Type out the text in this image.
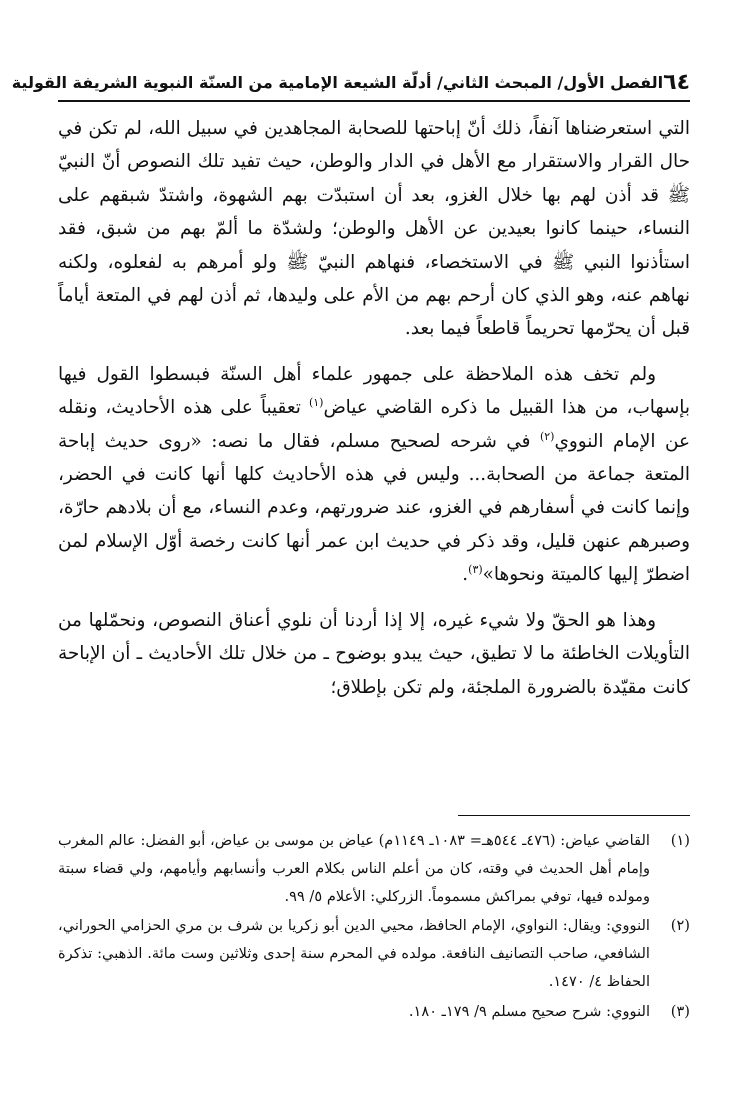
٦٤
الفصل الأول/ المبحث الثاني/ أدلّة الشيعة الإمامية من السنّة النبوية الشريفة القولية

التي استعرضناها آنفاً، ذلك أنّ إباحتها للصحابة المجاهدين في سبيل الله، لم تكن في حال القرار والاستقرار مع الأهل في الدار والوطن، حيث تفيد تلك النصوص أنّ النبيّ ﷺ قد أذن لهم بها خلال الغزو، بعد أن استبدّت بهم الشهوة، واشتدّ شبقهم على النساء، حينما كانوا بعيدين عن الأهل والوطن؛ ولشدّة ما ألمّ بهم من شبق، فقد استأذنوا النبي ﷺ في الاستخصاء، فنهاهم النبيّ ﷺ ولو أمرهم به لفعلوه، ولكنه نهاهم عنه، وهو الذي كان أرحم بهم من الأم على وليدها، ثم أذن لهم في المتعة أياماً قبل أن يحرّمها تحريماً قاطعاً فيما بعد.

ولم تخف هذه الملاحظة على جمهور علماء أهل السنّة فبسطوا القول فيها بإسهاب، من هذا القبيل ما ذكره القاضي عياض$^{(١)}$ تعقيباً على هذه الأحاديث، ونقله عن الإمام النووي$^{(٢)}$ في شرحه لصحيح مسلم، فقال ما نصه: «روى حديث إباحة المتعة جماعة من الصحابة... وليس في هذه الأحاديث كلها أنها كانت في الحضر، وإنما كانت في أسفارهم في الغزو، عند ضرورتهم، وعدم النساء، مع أن بلادهم حارّة، وصبرهم عنهن قليل، وقد ذكر في حديث ابن عمر أنها كانت رخصة أوّل الإسلام لمن اضطرّ إليها كالميتة ونحوها»$^{(٣)}$.

وهذا هو الحقّ ولا شيء غيره، إلا إذا أردنا أن نلوي أعناق النصوص، ونحمّلها من التأويلات الخاطئة ما لا تطيق، حيث يبدو بوضوح ـ من خلال تلك الأحاديث ـ أن الإباحة كانت مقيّدة بالضرورة الملجئة، ولم تكن بإطلاق؛

(١)
القاضي عياض: (٤٧٦ـ ٥٤٤هـ= ١٠٨٣ـ ١١٤٩م) عياض بن موسى بن عياض، أبو الفضل: عالم المغرب وإمام أهل الحديث في وقته، كان من أعلم الناس بكلام العرب وأنسابهم وأيامهم، ولي قضاء سبتة ومولده فيها، توفي بمراكش مسموماً. الزركلي: الأعلام ٥/ ٩٩.
(٢)
النووي: ويقال: النواوي، الإمام الحافظ، محيي الدين أبو زكريا بن شرف بن مري الحزامي الحوراني، الشافعي، صاحب التصانيف النافعة. مولده في المحرم سنة إحدى وثلاثين وست مائة. الذهبي: تذكرة الحفاظ ٤/ ١٤٧٠.
(٣)
النووي: شرح صحيح مسلم ٩/ ١٧٩ـ ١٨٠.
